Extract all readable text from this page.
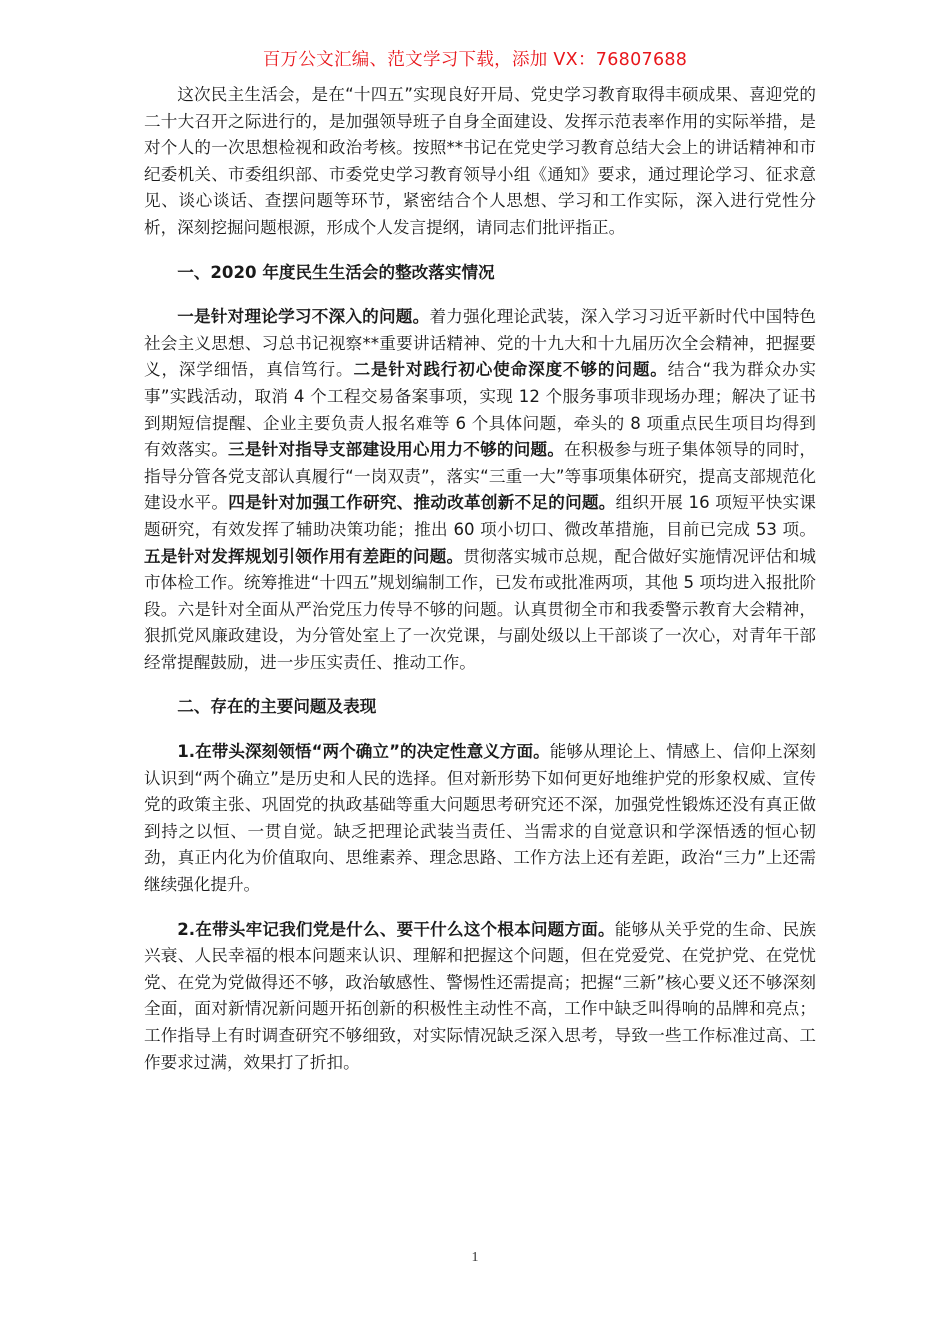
百万公文汇编、范文学习下载，添加 VX：76807688

这次民主生活会，是在“十四五”实现良好开局、党史学习教育取得丰硕成果、喜迎党的二十大召开之际进行的，是加强领导班子自身全面建设、发挥示范表率作用的实际举措，是对个人的一次思想检视和政治考核。按照**书记在党史学习教育总结大会上的讲话精神和市纪委机关、市委组织部、市委党史学习教育领导小组《通知》要求，通过理论学习、征求意见、谈心谈话、查摆问题等环节，紧密结合个人思想、学习和工作实际，深入进行党性分析，深刻挖掘问题根源，形成个人发言提纲，请同志们批评指正。

一、2020 年度民生生活会的整改落实情况

一是针对理论学习不深入的问题。着力强化理论武装，深入学习习近平新时代中国特色社会主义思想、习总书记视察**重要讲话精神、党的十九大和十九届历次全会精神，把握要义，深学细悟，真信笃行。二是针对践行初心使命深度不够的问题。结合“我为群众办实事”实践活动，取消 4 个工程交易备案事项，实现 12 个服务事项非现场办理；解决了证书到期短信提醒、企业主要负责人报名难等 6 个具体问题，牵头的 8 项重点民生项目均得到有效落实。三是针对指导支部建设用心用力不够的问题。在积极参与班子集体领导的同时，指导分管各党支部认真履行“一岗双责”，落实“三重一大”等事项集体研究，提高支部规范化建设水平。四是针对加强工作研究、推动改革创新不足的问题。组织开展 16 项短平快实课题研究，有效发挥了辅助决策功能；推出 60 项小切口、微改革措施，目前已完成 53 项。五是针对发挥规划引领作用有差距的问题。贯彻落实城市总规，配合做好实施情况评估和城市体检工作。统筹推进“十四五”规划编制工作，已发布或批准两项，其他 5 项均进入报批阶段。六是针对全面从严治党压力传导不够的问题。认真贯彻全市和我委警示教育大会精神，狠抓党风廉政建设，为分管处室上了一次党课，与副处级以上干部谈了一次心，对青年干部经常提醒鼓励，进一步压实责任、推动工作。

二、存在的主要问题及表现

1.在带头深刻领悟“两个确立”的决定性意义方面。能够从理论上、情感上、信仰上深刻认识到“两个确立”是历史和人民的选择。但对新形势下如何更好地维护党的形象权威、宣传党的政策主张、巩固党的执政基础等重大问题思考研究还不深，加强党性锻炼还没有真正做到持之以恒、一贯自觉。缺乏把理论武装当责任、当需求的自觉意识和学深悟透的恒心韧劲，真正内化为价值取向、思维素养、理念思路、工作方法上还有差距，政治“三力”上还需继续强化提升。

2.在带头牢记我们党是什么、要干什么这个根本问题方面。能够从关乎党的生命、民族兴衰、人民幸福的根本问题来认识、理解和把握这个问题，但在党爱党、在党护党、在党忧党、在党为党做得还不够，政治敏感性、警惕性还需提高；把握“三新”核心要义还不够深刻全面，面对新情况新问题开拓创新的积极性主动性不高，工作中缺乏叫得响的品牌和亮点；工作指导上有时调查研究不够细致，对实际情况缺乏深入思考，导致一些工作标准过高、工作要求过满，效果打了折扣。

1
